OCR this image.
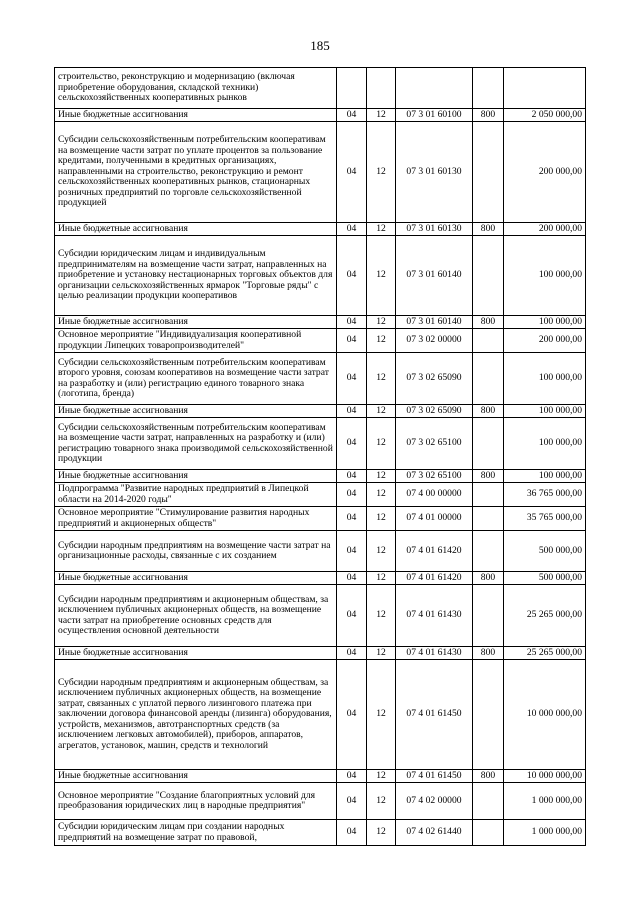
185
строительство, реконструкцию и модернизацию (включая приобретение оборудования, складской техники) сельскохозяйственных кооперативных рынков					
Иные бюджетные ассигнования	04	12	07 3 01 60100	800	2 050 000,00
Субсидии сельскохозяйственным потребительским кооперативам на возмещение части затрат по уплате процентов за пользование кредитами, полученными в кредитных организациях, направленными на строительство, реконструкцию и ремонт сельскохозяйственных кооперативных рынков, стационарных розничных предприятий по торговле сельскохозяйственной продукцией	04	12	07 3 01 60130		200 000,00
Иные бюджетные ассигнования	04	12	07 3 01 60130	800	200 000,00
Субсидии юридическим лицам и индивидуальным предпринимателям на возмещение части затрат, направленных на приобретение и установку нестационарных торговых объектов для организации сельскохозяйственных ярмарок "Торговые ряды" с целью реализации продукции кооперативов	04	12	07 3 01 60140		100 000,00
Иные бюджетные ассигнования	04	12	07 3 01 60140	800	100 000,00
Основное мероприятие "Индивидуализация кооперативной продукции Липецких товаропроизводителей"	04	12	07 3 02 00000		200 000,00
Субсидии сельскохозяйственным потребительским кооперативам второго уровня, союзам кооперативов на возмещение части затрат на разработку и (или) регистрацию единого товарного знака (логотипа, бренда)	04	12	07 3 02 65090		100 000,00
Иные бюджетные ассигнования	04	12	07 3 02 65090	800	100 000,00
Субсидии сельскохозяйственным потребительским кооперативам на возмещение части затрат, направленных на разработку и (или) регистрацию товарного знака производимой сельскохозяйственной продукции	04	12	07 3 02 65100		100 000,00
Иные бюджетные ассигнования	04	12	07 3 02 65100	800	100 000,00
Подпрограмма "Развитие народных предприятий в Липецкой области на 2014-2020 годы"	04	12	07 4 00 00000		36 765 000,00
Основное мероприятие "Стимулирование развития народных предприятий и акционерных обществ"	04	12	07 4 01 00000		35 765 000,00
Субсидии народным предприятиям на возмещение части затрат на организационные расходы, связанные с их созданием	04	12	07 4 01 61420		500 000,00
Иные бюджетные ассигнования	04	12	07 4 01 61420	800	500 000,00
Субсидии народным предприятиям и акционерным обществам, за исключением публичных акционерных обществ, на возмещение части затрат на приобретение основных средств для осуществления основной деятельности	04	12	07 4 01 61430		25 265 000,00
Иные бюджетные ассигнования	04	12	07 4 01 61430	800	25 265 000,00
Субсидии народным предприятиям и акционерным обществам, за исключением публичных акционерных обществ, на возмещение затрат, связанных с уплатой первого лизингового платежа при заключении договора финансовой аренды (лизинга) оборудования, устройств, механизмов, автотранспортных средств (за исключением легковых автомобилей), приборов, аппаратов, агрегатов, установок, машин, средств и технологий	04	12	07 4 01 61450		10 000 000,00
Иные бюджетные ассигнования	04	12	07 4 01 61450	800	10 000 000,00
Основное мероприятие "Создание благоприятных условий для преобразования юридических лиц в народные предприятия"	04	12	07 4 02 00000		1 000 000,00
Субсидии юридическим лицам при создании народных предприятий на возмещение затрат по правовой,	04	12	07 4 02 61440		1 000 000,00
